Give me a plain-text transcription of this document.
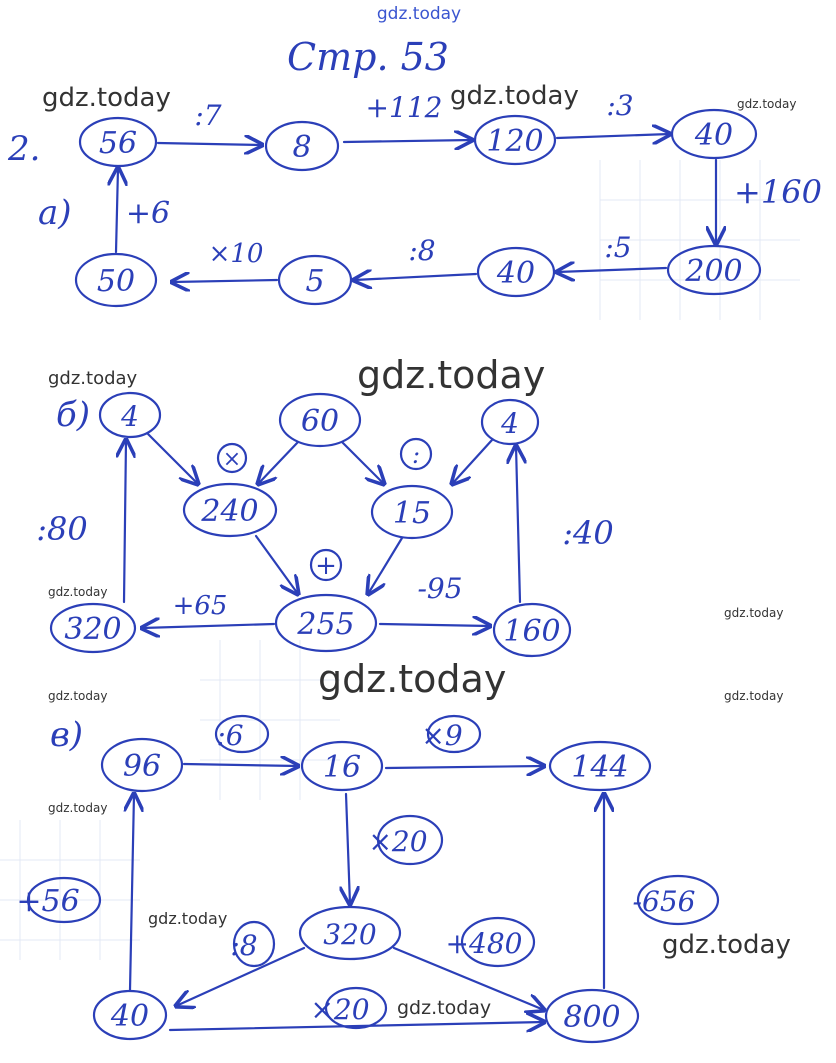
gdz.today
Стр. 53
gdz.today	gdz.today	gdz.today
gdz.today	gdz.today
gdz.today
gdz.today
gdz.today
gdz.today	gdz.today
gdz.today
gdz.today
gdz.today
gdz.today
2.
а)
56	8	120	40
200
40
5
50
:7	+112	:3
+160
:5
:8
×10
+6
б) 4	60	4
240	15
255
320	160
×	:
+
-95
+65
:80	:40
в)
96	16	144
320
40	800
:6	×9
×20
+56
:8	+480
×20
-656
